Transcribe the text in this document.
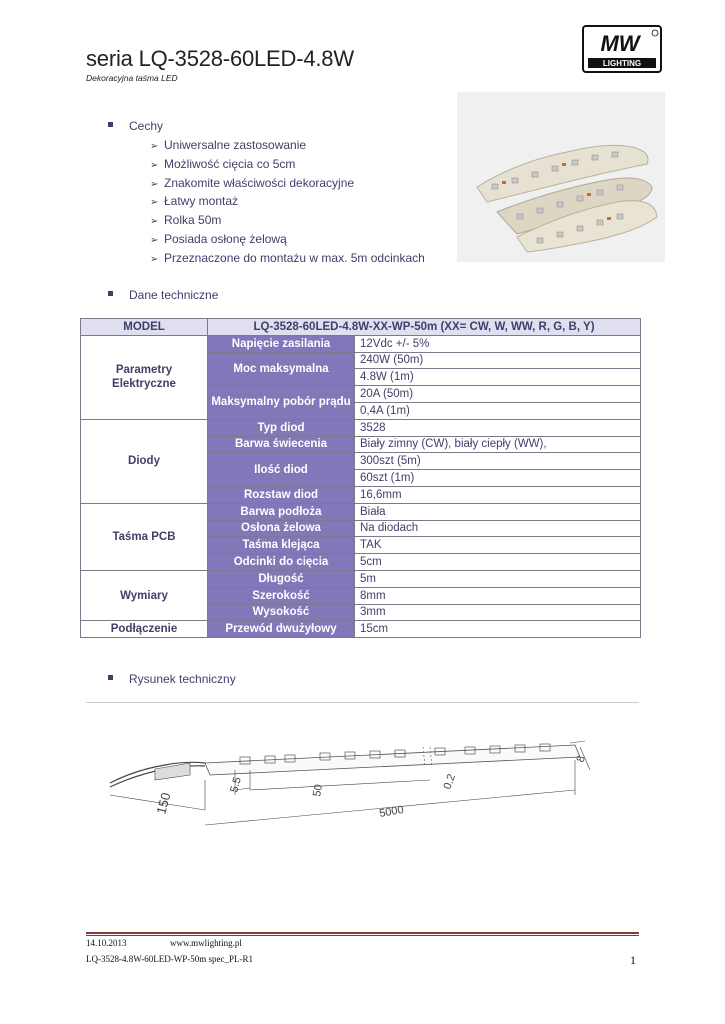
seria LQ-3528-60LED-4.8W
Dekoracyjna taśma LED
MW
LIGHTING
Cechy
➢ Uniwersalne zastosowanie
➢ Możliwość cięcia co 5cm
➢ Znakomite właściwości dekoracyjne
➢ Łatwy montaż
➢ Rolka 50m
➢ Posiada osłonę żelową
➢ Przeznaczone do montażu w max. 5m odcinkach
Dane techniczne
MODEL	LQ-3528-60LED-4.8W-XX-WP-50m (XX= CW, W, WW, R, G, B, Y)	
Parametry Elektryczne	Napięcie zasilania	12Vdc +/- 5%
	Moc maksymalna	240W (50m)
		4.8W (1m)
	Maksymalny pobór prądu	20A (50m)
		0,4A (1m)
Diody	Typ diod	3528
	Barwa świecenia	Biały zimny (CW), biały ciepły (WW),
	Ilość diod	300szt (5m)
		60szt (1m)
	Rozstaw diod	16,6mm
Taśma PCB	Barwa podłoża	Biała
	Osłona żelowa	Na diodach
	Taśma klejąca	TAK
	Odcinki do cięcia	5cm
Wymiary	Długość	5m
	Szerokość	8mm
	Wysokość	3mm
Podłączenie	Przewód dwużyłowy	15cm
Rysunek techniczny
150
5.5	50
5000
0.2
8
14.10.2013	www.mwlighting.pl
LQ-3528-4.8W-60LED-WP-50m spec_PL-R1	1
